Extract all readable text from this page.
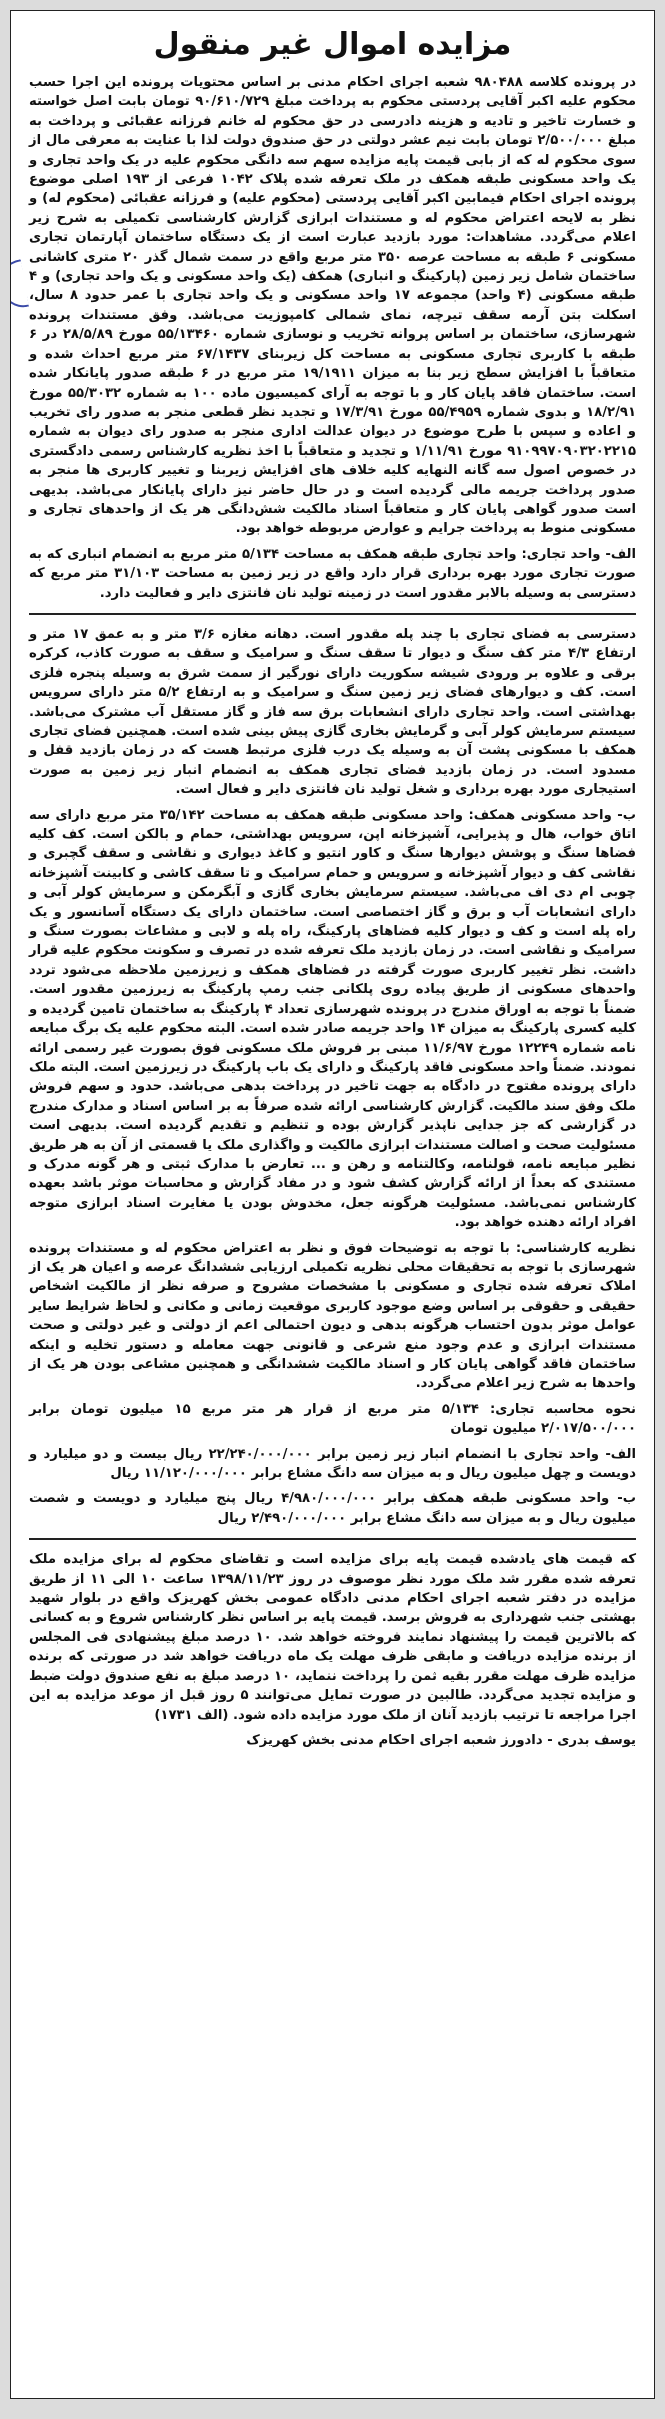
مزایده اموال غیر منقول

در پرونده کلاسه ۹۸۰۴۸۸ شعبه اجرای احکام مدنی بر اساس محتویات پرونده این اجرا حسب محکوم علیه اکبر آقایی پردستی محکوم به پرداخت مبلغ ۹۰/۶۱۰/۷۲۹ تومان بابت اصل خواسته و خسارت تاخیر و تادیه و هزینه دادرسی در حق محکوم له خانم فرزانه عقبائی و پرداخت به مبلغ ۲/۵۰۰/۰۰۰ تومان بابت نیم عشر دولتی در حق صندوق دولت لذا با عنایت به معرفی مال از سوی محکوم له که از بابی قیمت پایه مزایده سهم سه دانگی محکوم علیه در یک واحد تجاری و یک واحد مسکونی طبقه همکف در ملک تعرفه شده پلاک ۱۰۴۲ فرعی از ۱۹۳ اصلی موضوع پرونده اجرای احکام فیمابین اکبر آقایی پردستی (محکوم علیه) و فرزانه عقبائی (محکوم له) و نظر به لایحه اعتراض محکوم له و مستندات ابرازی گزارش کارشناسی تکمیلی به شرح زیر اعلام می‌گردد. مشاهدات: مورد بازدید عبارت است از یک دستگاه ساختمان آپارتمان تجاری مسکونی ۶ طبقه به مساحت عرصه ۳۵۰ متر مربع واقع در سمت شمال گذر ۲۰ متری کاشانی ساختمان شامل زیر زمین (پارکینگ و انباری) همکف (یک واحد مسکونی و یک واحد تجاری) و ۴ طبقه مسکونی (۴ واحد) مجموعه ۱۷ واحد مسکونی و یک واحد تجاری با عمر حدود ۸ سال، اسکلت بتن آرمه سقف تیرچه، نمای شمالی کامپوزیت می‌باشد. وفق مستندات پرونده شهرسازی، ساختمان بر اساس پروانه تخریب و نوسازی شماره ۵۵/۱۳۴۶۰ مورخ ۲۸/۵/۸۹ در ۶ طبقه با کاربری تجاری مسکونی به مساحت کل زیربنای ۶۷/۱۴۳۷ متر مربع احداث شده و متعاقباً با افزایش سطح زیر بنا به میزان ۱۹/۱۹۱۱ متر مربع در ۶ طبقه صدور پایانکار شده است. ساختمان فاقد پایان کار و با توجه به آرای کمیسیون ماده ۱۰۰ به شماره ۵۵/۳۰۳۲ مورخ ۱۸/۲/۹۱ و بدوی شماره ۵۵/۴۹۵۹ مورخ ۱۷/۳/۹۱ و تجدید نظر قطعی منجر به صدور رای تخریب و اعاده و سپس با طرح موضوع در دیوان عدالت اداری منجر به صدور رای دیوان به شماره ۹۱۰۹۹۷۰۹۰۳۲۰۲۲۱۵ مورخ ۱/۱۱/۹۱ و تجدید و متعاقباً با اخذ نظریه کارشناس رسمی دادگستری در خصوص اصول سه گانه النهایه کلیه خلاف های افزایش زیربنا و تغییر کاربری ها منجر به صدور پرداخت جریمه مالی گردیده است و در حال حاضر نیز دارای پایانکار می‌باشد. بدیهی است صدور گواهی پایان کار و متعاقباً اسناد مالکیت شش‌دانگی هر یک از واحدهای تجاری و مسکونی منوط به پرداخت جرایم و عوارض مربوطه خواهد بود.

الف- واحد تجاری: واحد تجاری طبقه همکف به مساحت ۵/۱۳۴ متر مربع به انضمام انباری که به صورت تجاری مورد بهره برداری قرار دارد واقع در زیر زمین به مساحت ۳۱/۱۰۳ متر مربع که دسترسی به وسیله بالابر مقدور است در زمینه تولید نان فانتزی دایر و فعالیت دارد.

دسترسی به فضای تجاری با چند پله مقدور است. دهانه مغازه ۳/۶ متر و به عمق ۱۷ متر و ارتفاع ۴/۳ متر کف سنگ و دیوار تا سقف سنگ و سرامیک و سقف به صورت کاذب، کرکره برقی و علاوه بر ورودی شیشه سکوریت دارای نورگیر از سمت شرق به وسیله پنجره فلزی است. کف و دیوارهای فضای زیر زمین سنگ و سرامیک و به ارتفاع ۵/۲ متر دارای سرویس بهداشتی است. واحد تجاری دارای انشعابات برق سه فاز و گاز مستقل آب مشترک می‌باشد. سیستم سرمایش کولر آبی و گرمایش بخاری گازی پیش بینی شده است. همچنین فضای تجاری همکف با مسکونی پشت آن به وسیله یک درب فلزی مرتبط هست که در زمان بازدید قفل و مسدود است. در زمان بازدید فضای تجاری همکف به انضمام انبار زیر زمین به صورت استیجاری مورد بهره برداری و شغل تولید نان فانتزی دایر و فعال است.

ب- واحد مسکونی همکف: واحد مسکونی طبقه همکف به مساحت ۳۵/۱۴۲ متر مربع دارای سه اتاق خواب، هال و پذیرایی، آشپزخانه اپن، سرویس بهداشتی، حمام و بالکن است. کف کلیه فضاها سنگ و پوشش دیوارها سنگ و کاور انتیو و کاغذ دیواری و نقاشی و سقف گچبری و نقاشی کف و دیوار آشپزخانه و سرویس و حمام سرامیک و تا سقف کاشی و کابینت آشپزخانه چوبی ام دی اف می‌باشد. سیستم سرمایش بخاری گازی و آبگرمکن و سرمایش کولر آبی و دارای انشعابات آب و برق و گاز اختصاصی است. ساختمان دارای یک دستگاه آسانسور و یک راه پله است و کف و دیوار کلیه فضاهای پارکینگ، راه پله و لابی و مشاعات بصورت سنگ و سرامیک و نقاشی است. در زمان بازدید ملک تعرفه شده در تصرف و سکونت محکوم علیه قرار داشت. نظر تغییر کاربری صورت گرفته در فضاهای همکف و زیرزمین ملاحظه می‌شود تردد واحدهای مسکونی از طریق پیاده روی پلکانی جنب رمپ پارکینگ به زیرزمین مقدور است. ضمناً با توجه به اوراق مندرج در پرونده شهرسازی تعداد ۴ پارکینگ به ساختمان تامین گردیده و کلیه کسری پارکینگ به میزان ۱۴ واحد جریمه صادر شده است. البته محکوم علیه یک برگ مبایعه نامه شماره ۱۲۲۴۹ مورخ ۱۱/۶/۹۷ مبنی بر فروش ملک مسکونی فوق بصورت غیر رسمی ارائه نمودند. ضمناً واحد مسکونی فاقد پارکینگ و دارای یک باب پارکینگ در زیرزمین است. البته ملک دارای پرونده مفتوح در دادگاه به جهت تاخیر در پرداخت بدهی می‌باشد. حدود و سهم فروش ملک وفق سند مالکیت. گزارش کارشناسی ارائه شده صرفاً به بر اساس اسناد و مدارک مندرج در گزارشی که جز جدایی ناپذیر گزارش بوده و تنظیم و تقدیم گردیده است. بدیهی است مسئولیت صحت و اصالت مستندات ابرازی مالکیت و واگذاری ملک یا قسمتی از آن به هر طریق نظیر مبایعه نامه، قولنامه، وکالتنامه و رهن و ... تعارض با مدارک ثبتی و هر گونه مدرک و مستندی که بعداً از ارائه گزارش کشف شود و در مفاد گزارش و محاسبات موثر باشد بعهده کارشناس نمی‌باشد. مسئولیت هرگونه جعل، مخدوش بودن یا مغایرت اسناد ابرازی متوجه افراد ارائه دهنده خواهد بود.

نظریه کارشناسی: با توجه به توضیحات فوق و نظر به اعتراض محکوم له و مستندات پرونده شهرسازی با توجه به تحقیقات محلی نظریه تکمیلی ارزیابی ششدانگ عرصه و اعیان هر یک از املاک تعرفه شده تجاری و مسکونی با مشخصات مشروح و صرفه نظر از مالکیت اشخاص حقیقی و حقوقی بر اساس وضع موجود کاربری موقعیت زمانی و مکانی و لحاظ شرایط سایر عوامل موثر بدون احتساب هرگونه بدهی و دیون احتمالی اعم از دولتی و غیر دولتی و صحت مستندات ابرازی و عدم وجود منع شرعی و قانونی جهت معامله و دستور تخلیه و اینکه ساختمان فاقد گواهی پایان کار و اسناد مالکیت ششدانگی و همچنین مشاعی بودن هر یک از واحدها به شرح زیر اعلام می‌گردد.

نحوه محاسبه تجاری: ۵/۱۳۴ متر مربع از قرار هر متر مربع ۱۵ میلیون تومان برابر ۲/۰۱۷/۵۰۰/۰۰۰ میلیون تومان

الف- واحد تجاری با انضمام انبار زیر زمین برابر ۲۲/۲۴۰/۰۰۰/۰۰۰ ریال بیست و دو میلیارد و دویست و چهل میلیون ریال و به میزان سه دانگ مشاع برابر ۱۱/۱۲۰/۰۰۰/۰۰۰ ریال

ب- واحد مسکونی طبقه همکف برابر ۴/۹۸۰/۰۰۰/۰۰۰ ریال پنج میلیارد و دویست و شصت میلیون ریال و به میزان سه دانگ مشاع برابر ۲/۴۹۰/۰۰۰/۰۰۰ ریال

که قیمت های یادشده قیمت پایه برای مزایده است و تقاضای محکوم له برای مزایده ملک تعرفه شده مقرر شد ملک مورد نظر موصوف در روز ۱۳۹۸/۱۱/۲۳ ساعت ۱۰ الی ۱۱ از طریق مزایده در دفتر شعبه اجرای احکام مدنی دادگاه عمومی بخش کهریزک واقع در بلوار شهید بهشتی جنب شهرداری به فروش برسد. قیمت پایه بر اساس نظر کارشناس شروع و به کسانی که بالاترین قیمت را پیشنهاد نمایند فروخته خواهد شد. ۱۰ درصد مبلغ پیشنهادی فی المجلس از برنده مزایده دریافت و مابقی ظرف مهلت یک ماه دریافت خواهد شد در صورتی که برنده مزایده ظرف مهلت مقرر بقیه ثمن را پرداخت ننماید، ۱۰ درصد مبلغ به نفع صندوق دولت ضبط و مزایده تجدید می‌گردد. طالبین در صورت تمایل می‌توانند ۵ روز قبل از موعد مزایده به این اجرا مراجعه تا ترتیب بازدید آنان از ملک مورد مزایده داده شود. (الف ۱۷۳۱)

یوسف بدری - دادورز شعبه اجرای احکام مدنی بخش کهریزک
